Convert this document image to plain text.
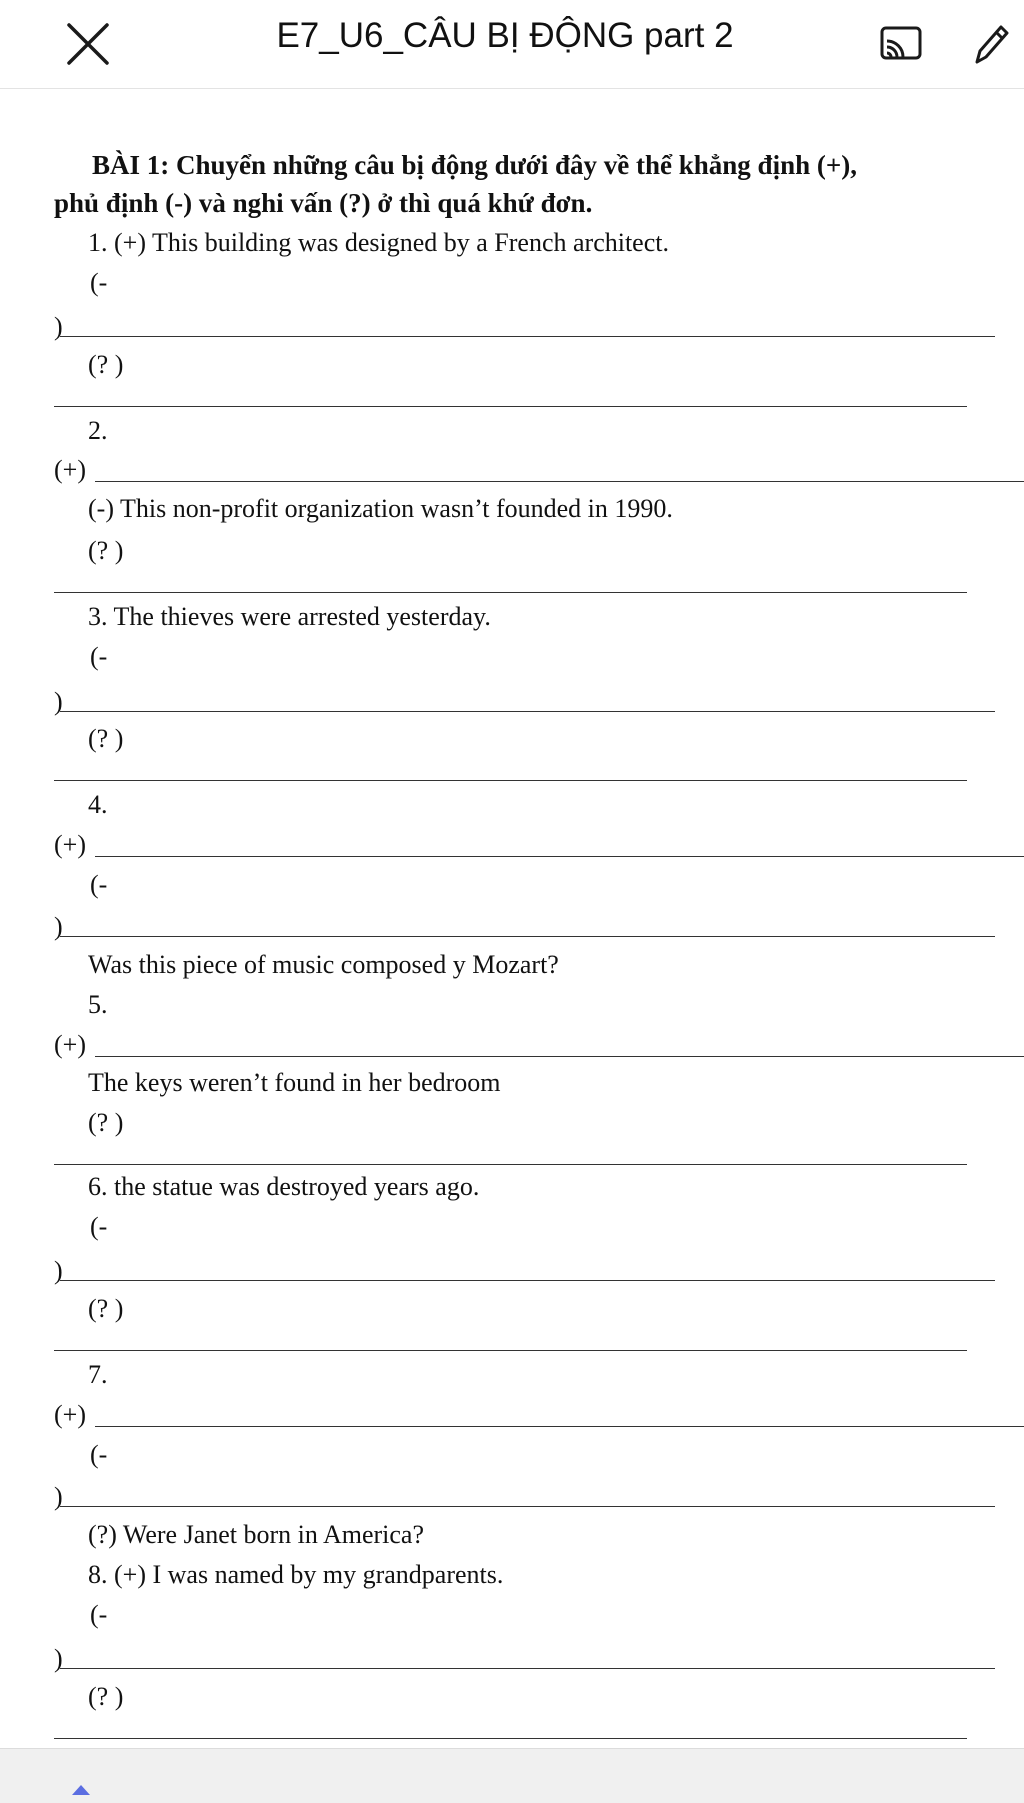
E7_U6_CÂU BỊ ĐỘNG part 2
BÀI 1: Chuyển những câu bị động dưới đây về thể khẳng định (+),
phủ định (-) và nghi vấn (?) ở thì quá khứ đơn.
1. (+) This building was designed by a French architect.
(-
)
(? )
2.
(+)
(-) This non-profit organization wasn’t founded in 1990.
(? )
3. The thieves were arrested yesterday.
(-
)
(? )
4.
(+)
(-
)
Was this piece of music composed y Mozart?
5.
(+)
The keys weren’t found in her bedroom
(? )
6. the statue was destroyed years ago.
(-
)
(? )
7.
(+)
(-
)
(?) Were Janet born in America?
8. (+) I was named by my grandparents.
(-
)
(? )
